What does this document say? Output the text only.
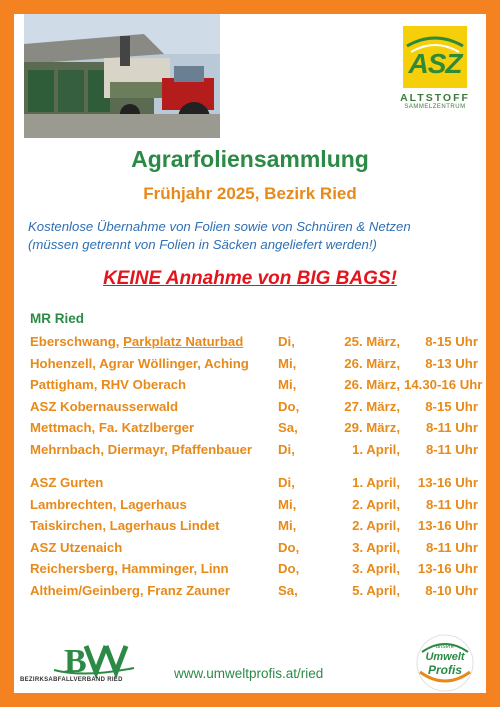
ASZ
ALTSTOFF
SAMMELZENTRUM
Agrarfoliensammlung
Frühjahr 2025, Bezirk Ried
Kostenlose Übernahme von Folien sowie von Schnüren & Netzen
(müssen getrennt von Folien in Säcken angeliefert werden!)
KEINE Annahme von BIG BAGS!
MR Ried
Eberschwang, Parkplatz Naturbad	Di,	25. März,	8-15 Uhr
Hohenzell, Agrar Wöllinger, Aching Mi,	26. März,	8-13 Uhr
Pattigham, RHV Oberach	Mi,	26. März, 14.30-16 Uhr
ASZ Kobernausserwald	Do,	27. März,	8-15 Uhr
Mettmach, Fa. Katzlberger	Sa,	29. März,	8-11 Uhr
Mehrnbach, Diermayr, Pfaffenbauer Di,	1. April,	8-11 Uhr
ASZ Gurten	Di,	1. April,	13-16 Uhr
Lambrechten, Lagerhaus	Mi,	2. April,	8-11 Uhr
Taiskirchen, Lagerhaus Lindet	Mi,	2. April,	13-16 Uhr
ASZ Utzenaich	Do,	3. April,	8-11 Uhr
Reichersberg, Hamminger, Linn	Do,	3. April,	13-16 Uhr
Altheim/Geinberg, Franz Zauner	Sa,	5. April,	8-10 Uhr
B
BEZIRKSABFALLVERBAND RIED	www.umweltprofis.at/ried
unsere
Umwelt
Profis
